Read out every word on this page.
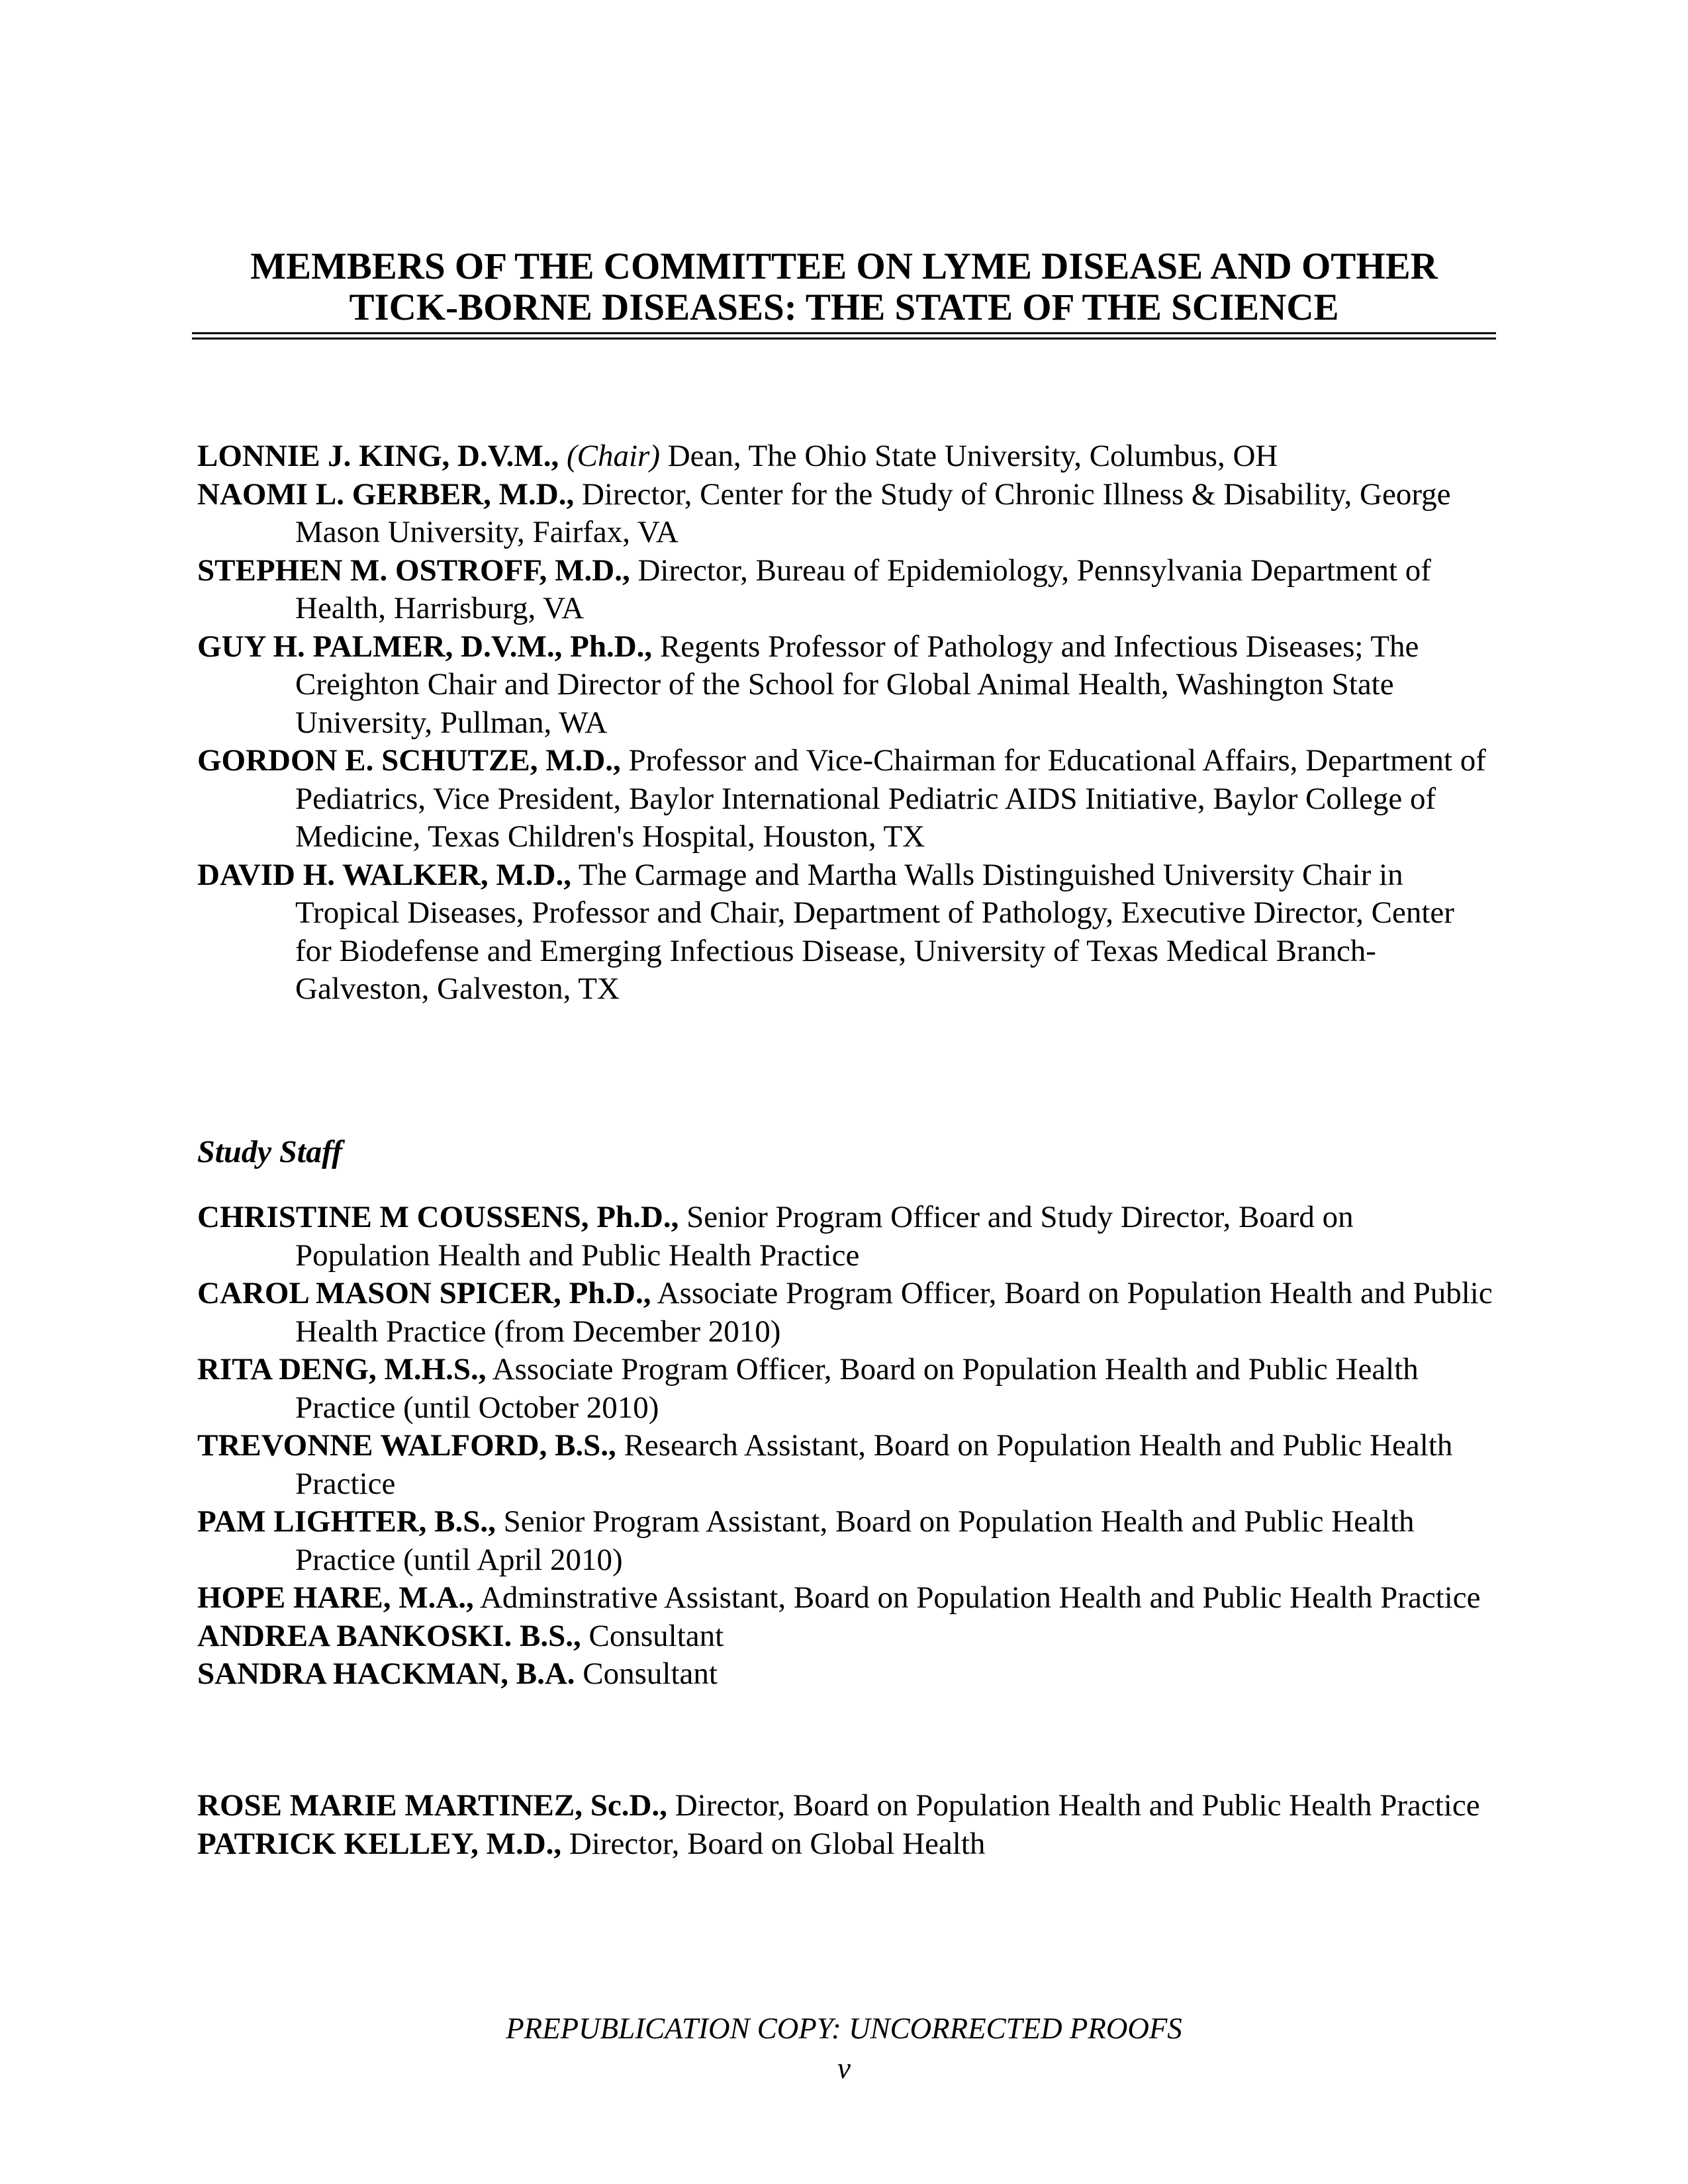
MEMBERS OF THE COMMITTEE ON LYME DISEASE AND OTHER
TICK-BORNE DISEASES: THE STATE OF THE SCIENCE

LONNIE J. KING, D.V.M., (Chair) Dean, The Ohio State University, Columbus, OH

NAOMI L. GERBER, M.D., Director, Center for the Study of Chronic Illness & Disability, George Mason University, Fairfax, VA

STEPHEN M. OSTROFF, M.D., Director, Bureau of Epidemiology, Pennsylvania Department of Health, Harrisburg, VA

GUY H. PALMER, D.V.M., Ph.D., Regents Professor of Pathology and Infectious Diseases; The Creighton Chair and Director of the School for Global Animal Health, Washington State University, Pullman, WA

GORDON E. SCHUTZE, M.D., Professor and Vice-Chairman for Educational Affairs, Department of Pediatrics, Vice President, Baylor International Pediatric AIDS Initiative, Baylor College of Medicine, Texas Children's Hospital, Houston, TX

DAVID H. WALKER, M.D., The Carmage and Martha Walls Distinguished University Chair in Tropical Diseases, Professor and Chair, Department of Pathology, Executive Director, Center for Biodefense and Emerging Infectious Disease, University of Texas Medical Branch-Galveston, Galveston, TX

Study Staff

CHRISTINE M COUSSENS, Ph.D., Senior Program Officer and Study Director, Board on Population Health and Public Health Practice

CAROL MASON SPICER, Ph.D., Associate Program Officer, Board on Population Health and Public Health Practice (from December 2010)

RITA DENG, M.H.S., Associate Program Officer, Board on Population Health and Public Health Practice (until October 2010)

TREVONNE WALFORD, B.S., Research Assistant, Board on Population Health and Public Health Practice

PAM LIGHTER, B.S., Senior Program Assistant, Board on Population Health and Public Health Practice (until April 2010)

HOPE HARE, M.A., Adminstrative Assistant, Board on Population Health and Public Health Practice

ANDREA BANKOSKI. B.S., Consultant

SANDRA HACKMAN, B.A. Consultant

ROSE MARIE MARTINEZ, Sc.D., Director, Board on Population Health and Public Health Practice

PATRICK KELLEY, M.D., Director, Board on Global Health

PREPUBLICATION COPY: UNCORRECTED PROOFS
v
